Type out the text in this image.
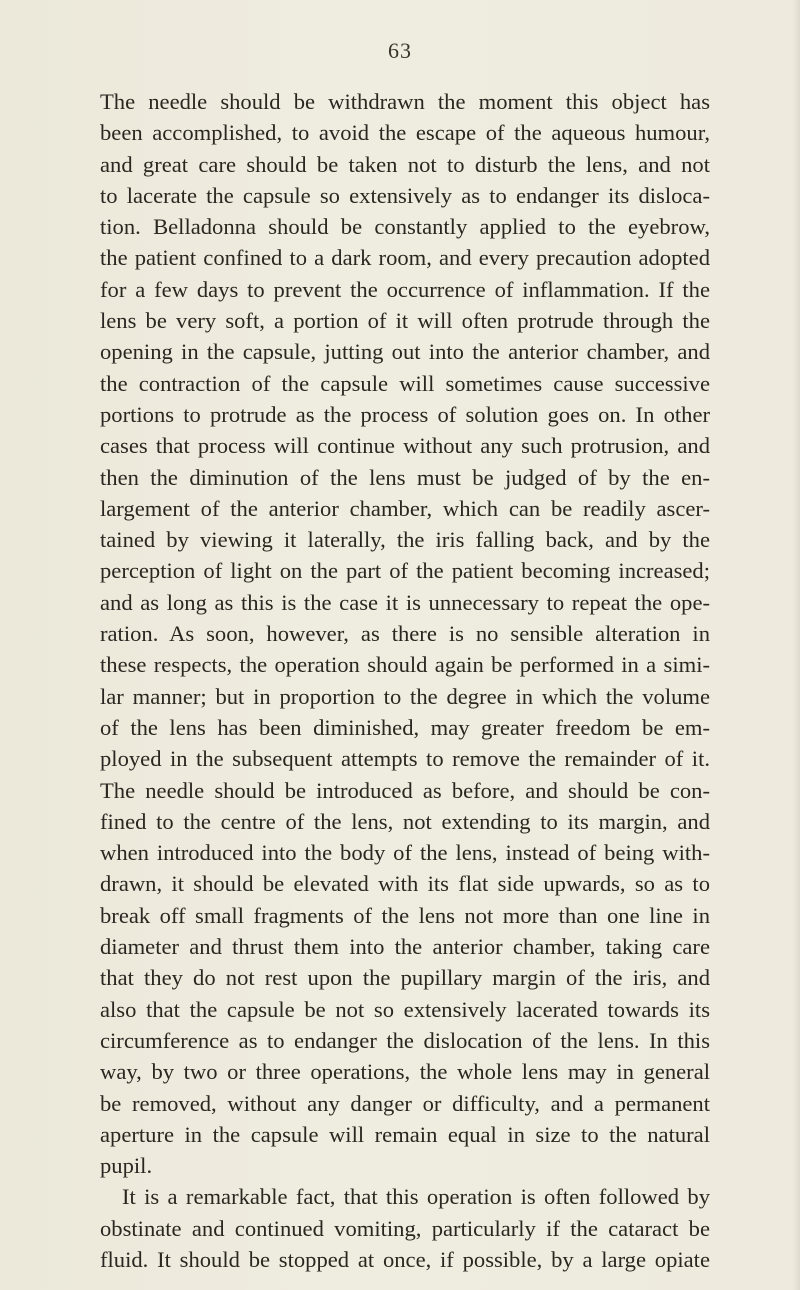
63
The needle should be withdrawn the moment this object has
been accomplished, to avoid the escape of the aqueous humour,
and great care should be taken not to disturb the lens, and not
to lacerate the capsule so extensively as to endanger its disloca-
tion. Belladonna should be constantly applied to the eyebrow,
the patient confined to a dark room, and every precaution adopted
for a few days to prevent the occurrence of inflammation. If the
lens be very soft, a portion of it will often protrude through the
opening in the capsule, jutting out into the anterior chamber, and
the contraction of the capsule will sometimes cause successive
portions to protrude as the process of solution goes on. In other
cases that process will continue without any such protrusion, and
then the diminution of the lens must be judged of by the en-
largement of the anterior chamber, which can be readily ascer-
tained by viewing it laterally, the iris falling back, and by the
perception of light on the part of the patient becoming increased;
and as long as this is the case it is unnecessary to repeat the ope-
ration. As soon, however, as there is no sensible alteration in
these respects, the operation should again be performed in a simi-
lar manner; but in proportion to the degree in which the volume
of the lens has been diminished, may greater freedom be em-
ployed in the subsequent attempts to remove the remainder of it.
The needle should be introduced as before, and should be con-
fined to the centre of the lens, not extending to its margin, and
when introduced into the body of the lens, instead of being with-
drawn, it should be elevated with its flat side upwards, so as to
break off small fragments of the lens not more than one line in
diameter and thrust them into the anterior chamber, taking care
that they do not rest upon the pupillary margin of the iris, and
also that the capsule be not so extensively lacerated towards its
circumference as to endanger the dislocation of the lens. In this
way, by two or three operations, the whole lens may in general
be removed, without any danger or difficulty, and a permanent
aperture in the capsule will remain equal in size to the natural
pupil.
It is a remarkable fact, that this operation is often followed by
obstinate and continued vomiting, particularly if the cataract be
fluid. It should be stopped at once, if possible, by a large opiate
